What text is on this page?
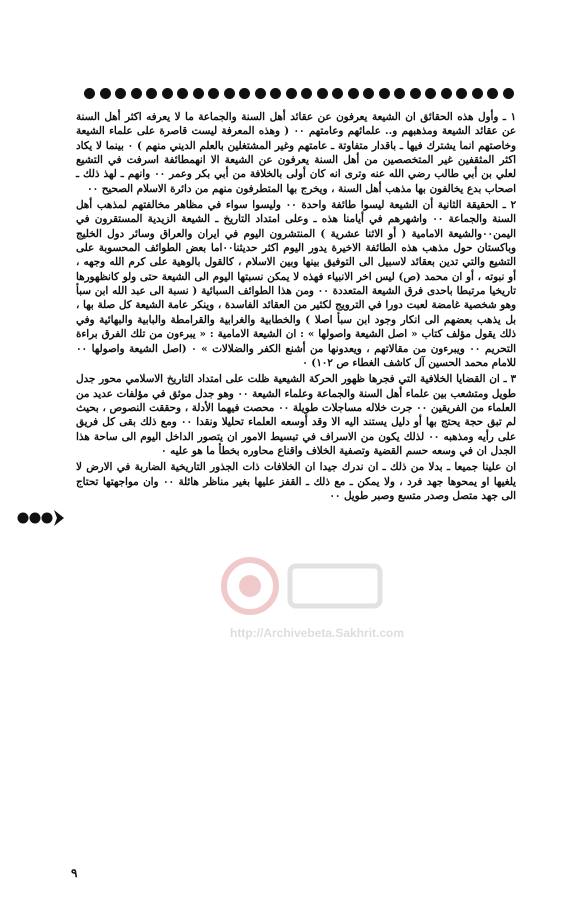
١ ـ وأول هذه الحقائق ان الشيعة يعرفون عن عقائد أهل السنة والجماعة ما لا يعرفه اكثر أهل السنة عن عقائد الشيعة ومذهبهم و.. علمائهم وعامتهم ٠٠ ( وهذه المعرفة ليست قاصرة على علماء الشيعة وخاصتهم انما يشترك فيها ـ باقدار متفاوتة ـ عامتهم وغير المشتغلين بالعلم الديني منهم ) ٠ بينما لا يكاد اكثر المثقفين غير المتخصصين من أهل السنة يعرفون عن الشيعة الا انهمطائفة اسرفت في التشيع لعلي بن أبي طالب رضي الله عنه وترى انه كان أولى بالخلافة من أبي بكر وعمر ٠٠ وانهم ـ لهذ ذلك ـ اصحاب بدع يخالفون بها مذهب أهل السنة ، ويخرج بها المتطرفون منهم من دائرة الاسلام الصحيح ٠٠

٢ ـ الحقيقة الثانية أن الشيعة ليسوا طائفة واحدة ٠٠ وليسوا سواء في مظاهر مخالفتهم لمذهب أهل السنة والجماعة ٠٠ واشهرهم في أيامنا هذه ـ وعلى امتداد التاريخ ـ الشيعة الزيدية المستقرون في اليمن٠٠والشيعة الامامية ( أو الاثنا عشرية ) المنتشرون اليوم في ايران والعراق وسائر دول الخليج وباكستان حول مذهب هذه الطائفة الاخيرة يدور اليوم اكثر حديثنا٠٠اما بعض الطوائف المحسوبة على التشيع والتي تدين بعقائد لاسبيل الى التوفيق بينها وبين الاسلام ، كالقول بالوهية على كرم الله وجهه ، أو نبوته ، أو ان محمد (ص) ليس اخر الانبياء فهذه لا يمكن نسبتها اليوم الى الشيعة حتى ولو كانظهورها تاريخيا مرتبطا باحدى فرق الشيعة المتعددة ٠٠ ومن هذا الطوائف السبائية ( نسبة الى عبد الله ابن سبأ وهو شخصية غامضة لعبت دورا في الترويج لكثير من العقائد الفاسدة ، وينكر عامة الشيعة كل صلة بها ، بل يذهب بعضهم الى انكار وجود ابن سبأ اصلا ) والخطابية والغرابية والقرامطة والبابية والبهائية وفي ذلك يقول مؤلف كتاب « اصل الشيعة واصولها » : ان الشيعة الامامية : « يبرءون من تلك الفرق براءة التحريم ٠٠ ويبرءون من مقالاتهم ، ويعدونها من أشنع الكفر والضلالات » ٠ (اصل الشيعة واصولها ٠٠ للامام محمد الحسين آل كاشف الغطاء ص ١٠٢) ٠

٣ ـ ان القضايا الخلافية التي فجرها ظهور الحركة الشيعية ظلت على امتداد التاريخ الاسلامي محور جدل طويل ومتشعب بين علماء أهل السنة والجماعة وعلماء الشيعة ٠٠ وهو جدل موثق في مؤلفات عديد من العلماء من الفريقين ٠٠ جرت خلاله مساجلات طويلة ٠٠ محصت فيهما الأدلة ، وحققت النصوص ، بحيث لم تبق حجة يحتج بها أو دليل يستند اليه الا وقد أوسعه العلماء تحليلا ونقدا ٠٠ ومع ذلك بقى كل فريق على رأيه ومذهبه ٠٠ لذلك يكون من الاسراف في تبسيط الامور ان يتصور الداخل اليوم الى ساحة هذا الجدل ان في وسعه حسم القضية وتصفية الخلاف واقناع محاوره بخطأ ما هو عليه ٠

ان علينا جميعا ـ بدلا من ذلك ـ ان ندرك جيدا ان الخلافات ذات الجذور التاريخية الضاربة في الارض لا يلغيها او يمحوها جهد فرد ، ولا يمكن ـ مع ذلك ـ القفز عليها بغير مناظر هائلة ٠٠ وان مواجهتها تحتاج الى جهد متصل وصدر متسع وصبر طويل ٠٠

http://Archivebeta.Sakhrit.com
٩
